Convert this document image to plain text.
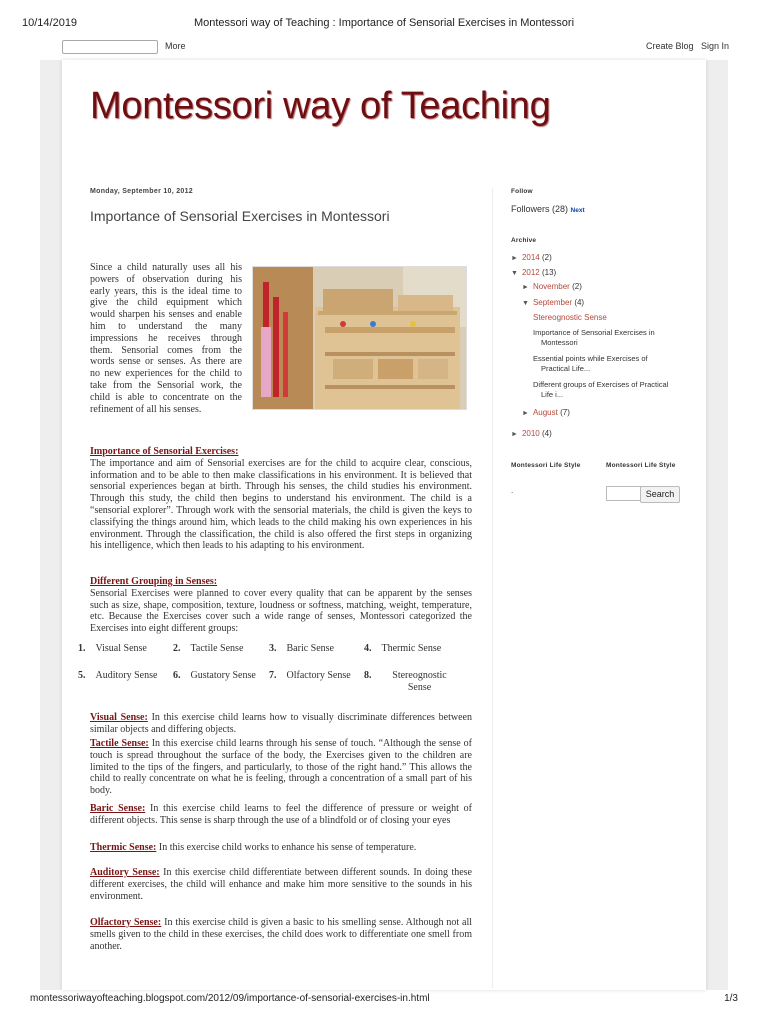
10/14/2019	Montessori way of Teaching : Importance of Sensorial Exercises in Montessori
More	Create Blog Sign In
Montessori way of Teaching
Monday, September 10, 2012
Importance of Sensorial Exercises in Montessori
Since a child naturally uses all his powers of observation during his early years, this is the ideal time to give the child equipment which would sharpen his senses and enable him to understand the many impressions he receives through them. Sensorial comes from the words sense or senses. As there are no new experiences for the child to take from the Sensorial work, the child is able to concentrate on the refinement of all his senses.
Importance of Sensorial Exercises:
The importance and aim of Sensorial exercises are for the child to acquire clear, conscious, information and to be able to then make classifications in his environment. It is believed that sensorial experiences began at birth. Through his senses, the child studies his environment. Through this study, the child then begins to understand his environment. The child is a “sensorial explorer”. Through work with the sensorial materials, the child is given the keys to classifying the things around him, which leads to the child making his own experiences in his environment. Through the classification, the child is also offered the first steps in organizing his intelligence, which then leads to his adapting to his environment.
Different Grouping in Senses:
Sensorial Exercises were planned to cover every quality that can be apparent by the senses such as size, shape, composition, texture, loudness or softness, matching, weight, temperature, etc. Because the Exercises cover such a wide range of senses, Montessori categorized the Exercises into eight different groups:
1. Visual Sense	2. Tactile Sense	3. Baric Sense	4. Thermic Sense
5. Auditory Sense 6. Gustatory Sense 7. Olfactory Sense 8. Stereognostic Sense
Visual Sense: In this exercise child learns how to visually discriminate differences between similar objects and differing objects.
Tactile Sense: In this exercise child learns through his sense of touch. “Although the sense of touch is spread throughout the surface of the body, the Exercises given to the children are limited to the tips of the fingers, and particularly, to those of the right hand.” This allows the child to really concentrate on what he is feeling, through a concentration of a small part of his body.
Baric Sense: In this exercise child learns to feel the difference of pressure or weight of different objects. This sense is sharp through the use of a blindfold or of closing your eyes
Thermic Sense: In this exercise child works to enhance his sense of temperature.
Auditory Sense: In this exercise child differentiate between different sounds. In doing these different exercises, the child will enhance and make him more sensitive to the sounds in his environment.
Olfactory Sense: In this exercise child is given a basic to his smelling sense. Although not all smells given to the child in these exercises, the child does work to differentiate one smell from another.
Follow
Followers (28) Next
Archive
► 2014 (2)
▼ 2012 (13)
► November (2)
▼ September (4)
Stereognostic Sense
Importance of Sensorial Exercises in
Montessori
Essential points while Exercises of
Practical Life...
Different groups of Exercises of Practical
Life i...
► August (7)
► 2010 (4)
Montessori Life Style
.
Montessori Life Style
Search
montessoriwayofteaching.blogspot.com/2012/09/importance-of-sensorial-exercises-in.html	1/3
